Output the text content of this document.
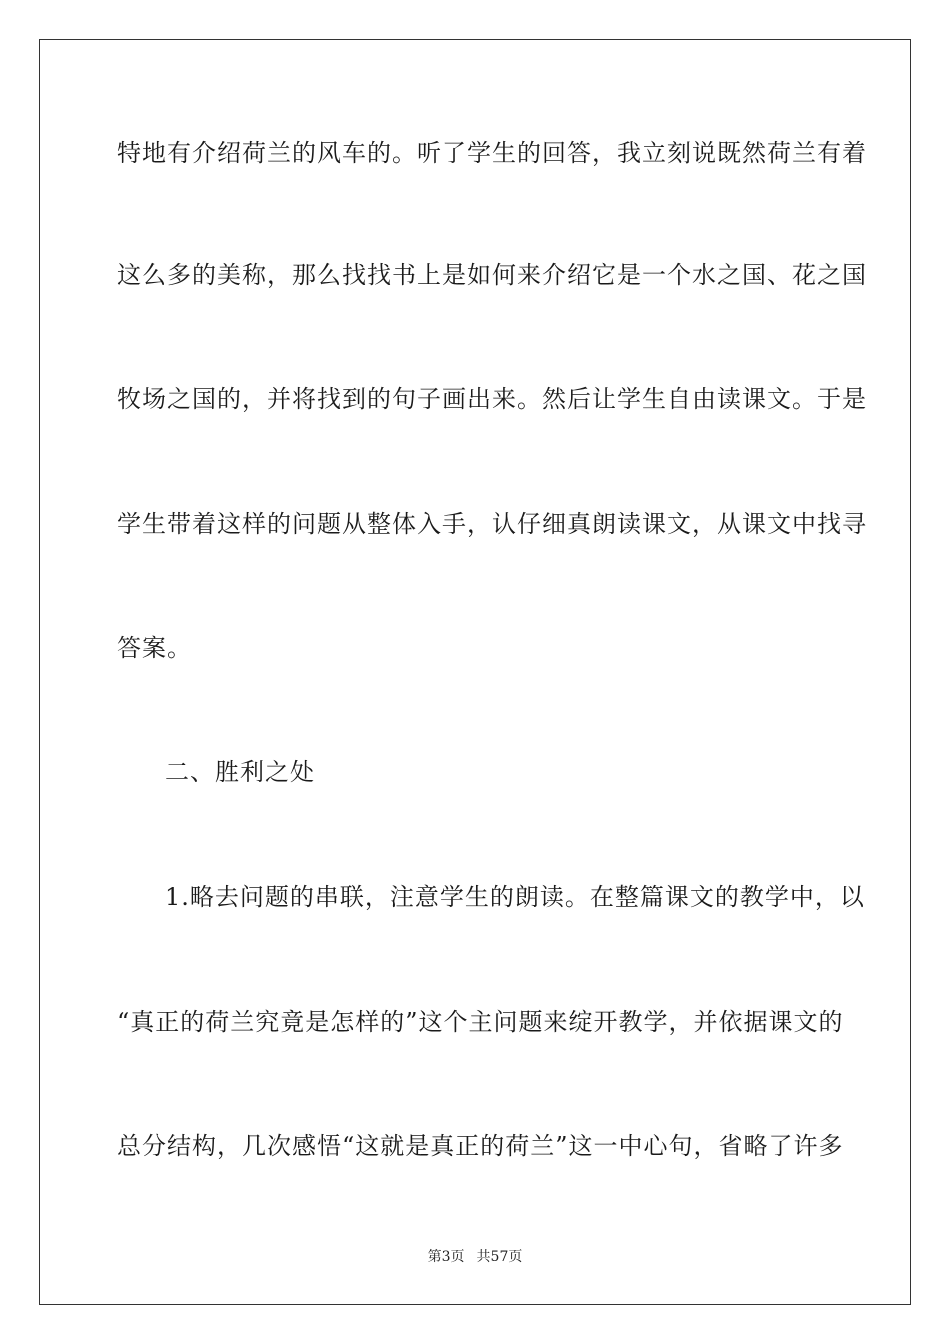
特地有介绍荷兰的风车的。听了学生的回答，我立刻说既然荷兰有着
这么多的美称，那么找找书上是如何来介绍它是一个水之国、花之国
牧场之国的，并将找到的句子画出来。然后让学生自由读课文。于是
学生带着这样的问题从整体入手，认仔细真朗读课文，从课文中找寻
答案。
二、胜利之处
1.略去问题的串联，注意学生的朗读。在整篇课文的教学中，以
“真正的荷兰究竟是怎样的”这个主问题来绽开教学，并依据课文的
总分结构，几次感悟“这就是真正的荷兰”这一中心句，省略了许多
第3页 共57页
